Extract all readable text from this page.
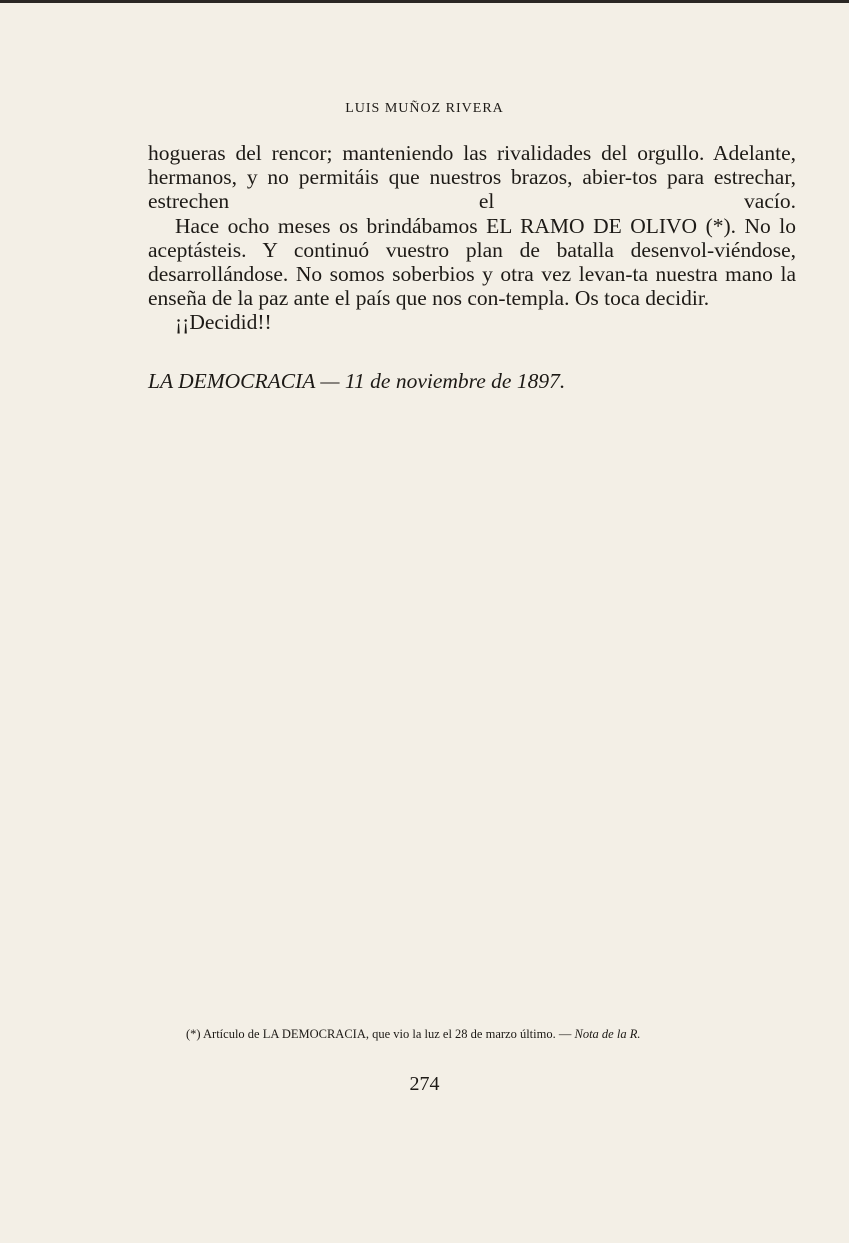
LUIS MUÑOZ RIVERA

hogueras del rencor; manteniendo las rivalidades del orgullo. Adelante, hermanos, y no permitáis que nuestros brazos, abier-tos para estrechar, estrechen el vacío.

Hace ocho meses os brindábamos EL RAMO DE OLIVO (*). No lo aceptásteis. Y continuó vuestro plan de batalla desenvol-viéndose, desarrollándose. No somos soberbios y otra vez levan-ta nuestra mano la enseña de la paz ante el país que nos con-templa. Os toca decidir.

¡¡Decidid!!

LA DEMOCRACIA — 11 de noviembre de 1897.
(*) Artículo de LA DEMOCRACIA, que vio la luz el 28 de marzo último. — Nota de la R.
274
